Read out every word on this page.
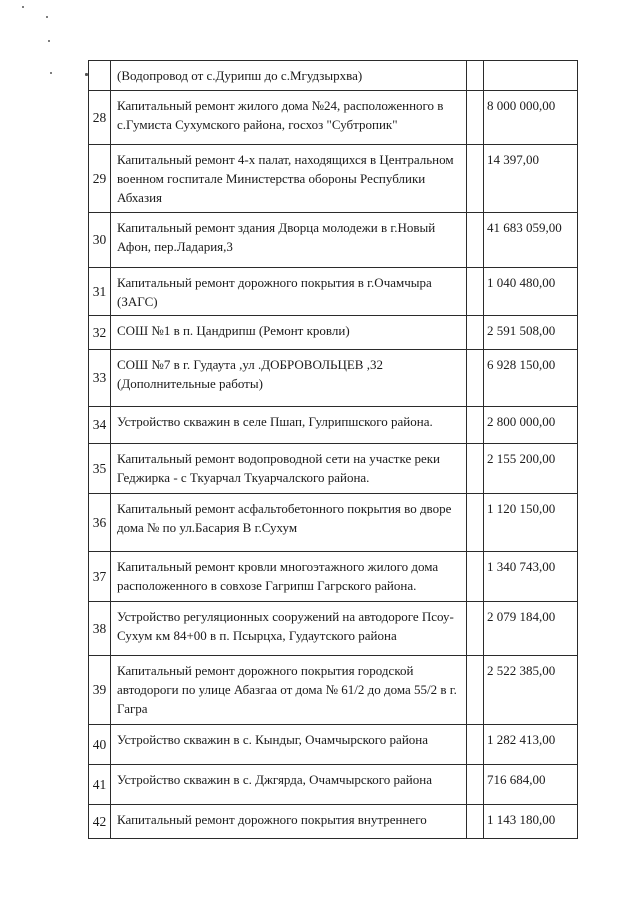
	(Водопровод от с.Дурипш до с.Мгудзырхва)		
28	Капитальный ремонт жилого дома №24, расположенного в с.Гумиста Сухумского района, госхоз "Субтропик"		8 000 000,00
29	Капитальный ремонт 4-х палат, находящихся в Центральном военном госпитале Министерства обороны Республики Абхазия		14 397,00
30	Капитальный ремонт здания Дворца молодежи в г.Новый Афон, пер.Ладария,3		41 683 059,00
31	Капитальный ремонт дорожного покрытия в г.Очамчыра (ЗАГС)		1 040 480,00
32	СОШ №1 в п. Цандрипш (Ремонт кровли)		2 591 508,00
33	СОШ №7 в г. Гудаута ,ул .ДОБРОВОЛЬЦЕВ ,32 (Дополнительные работы)		6 928 150,00
34	Устройство скважин в селе Пшап, Гулрипшского района.		2 800 000,00
35	Капитальный ремонт водопроводной сети на участке реки Геджирка - с Ткуарчал Ткуарчалского района.		2 155 200,00
36	Капитальный ремонт асфальтобетонного покрытия во дворе дома № по ул.Басария В г.Сухум		1 120 150,00
37	Капитальный ремонт кровли многоэтажного жилого дома расположенного в совхозе Гагрипш Гагрского района.		1 340 743,00
38	Устройство регуляционных сооружений на автодороге Псоу-Сухум км 84+00 в п. Псырцха, Гудаутского района		2 079 184,00
39	Капитальный ремонт дорожного покрытия городской автодороги по улице Абазгаа от дома № 61/2 до дома 55/2 в г. Гагра		2 522 385,00
40	Устройство скважин в с. Кындыг, Очамчырского района		1 282 413,00
41	Устройство скважин в с. Джгярда, Очамчырского района		716 684,00
42	Капитальный ремонт дорожного покрытия внутреннего		1 143 180,00
